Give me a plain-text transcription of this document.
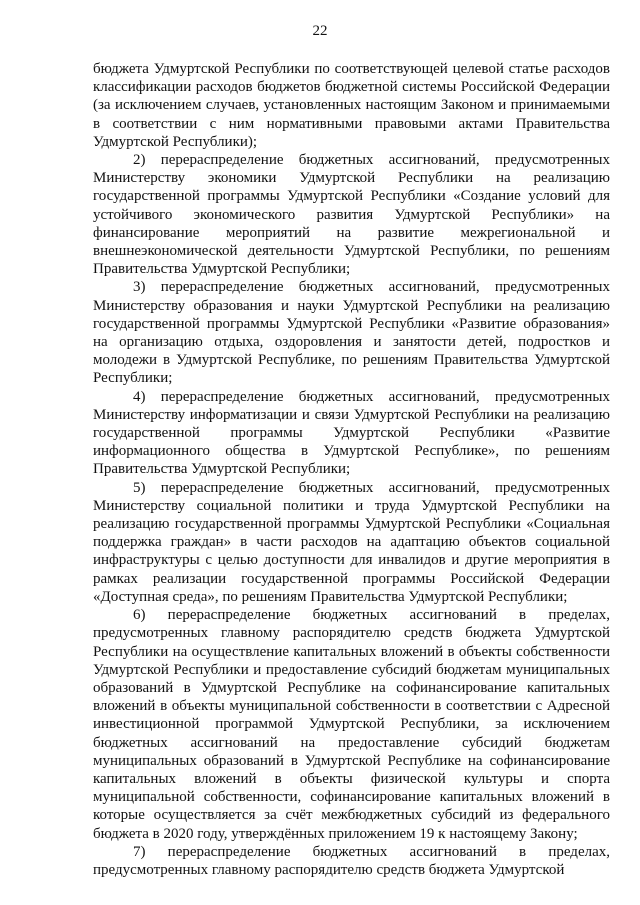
22

бюджета Удмуртской Республики по соответствующей целевой статье расходов классификации расходов бюджетов бюджетной системы Российской Федерации (за исключением случаев, установленных настоящим Законом и принимаемыми в соответствии с ним нормативными правовыми актами Правительства Удмуртской Республики);

2) перераспределение бюджетных ассигнований, предусмотренных Министерству экономики Удмуртской Республики на реализацию государственной программы Удмуртской Республики «Создание условий для устойчивого экономического развития Удмуртской Республики» на финансирование мероприятий на развитие межрегиональной и внешнеэкономической деятельности Удмуртской Республики, по решениям Правительства Удмуртской Республики;

3) перераспределение бюджетных ассигнований, предусмотренных Министерству образования и науки Удмуртской Республики на реализацию государственной программы Удмуртской Республики «Развитие образования» на организацию отдыха, оздоровления и занятости детей, подростков и молодежи в Удмуртской Республике, по решениям Правительства Удмуртской Республики;

4) перераспределение бюджетных ассигнований, предусмотренных Министерству информатизации и связи Удмуртской Республики на реализацию государственной программы Удмуртской Республики «Развитие информационного общества в Удмуртской Республике», по решениям Правительства Удмуртской Республики;

5) перераспределение бюджетных ассигнований, предусмотренных Министерству социальной политики и труда Удмуртской Республики на реализацию государственной программы Удмуртской Республики «Социальная поддержка граждан» в части расходов на адаптацию объектов социальной инфраструктуры с целью доступности для инвалидов и другие мероприятия в рамках реализации государственной программы Российской Федерации «Доступная среда», по решениям Правительства Удмуртской Республики;

6) перераспределение бюджетных ассигнований в пределах, предусмотренных главному распорядителю средств бюджета Удмуртской Республики на осуществление капитальных вложений в объекты собственности Удмуртской Республики и предоставление субсидий бюджетам муниципальных образований в Удмуртской Республике на софинансирование капитальных вложений в объекты муниципальной собственности в соответствии с Адресной инвестиционной программой Удмуртской Республики, за исключением бюджетных ассигнований на предоставление субсидий бюджетам муниципальных образований в Удмуртской Республике на софинансирование капитальных вложений в объекты физической культуры и спорта муниципальной собственности, софинансирование капитальных вложений в которые осуществляется за счёт межбюджетных субсидий из федерального бюджета в 2020 году, утверждённых приложением 19 к настоящему Закону;

7) перераспределение бюджетных ассигнований в пределах, предусмотренных главному распорядителю средств бюджета Удмуртской
